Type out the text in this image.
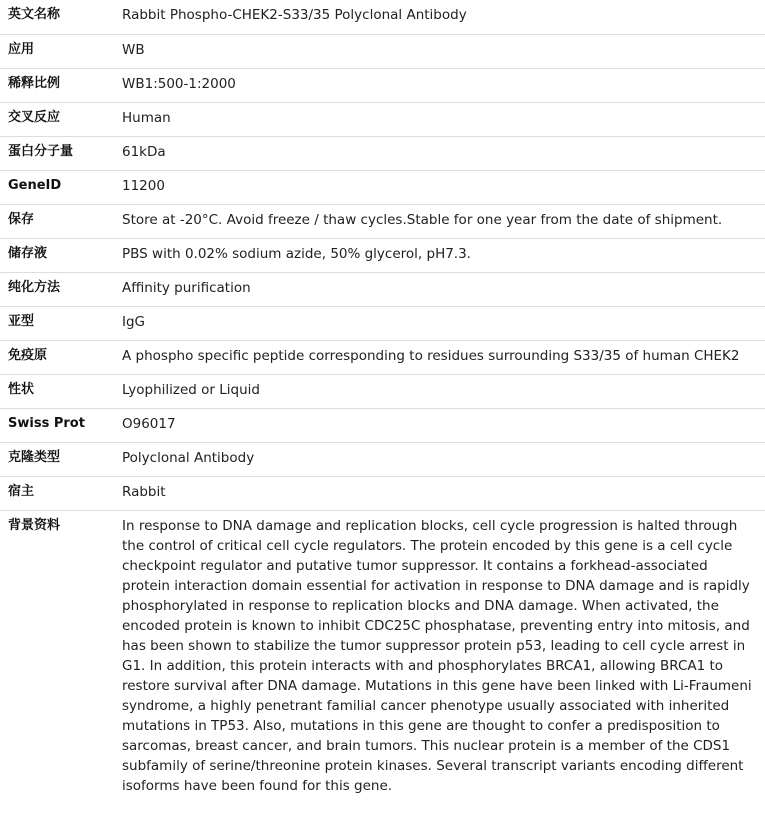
英文名称	Rabbit Phospho-CHEK2-S33/35 Polyclonal Antibody
应用	WB
稀释比例	WB1:500-1:2000
交叉反应	Human
蛋白分子量	61kDa
GeneID	11200
保存	Store at -20°C. Avoid freeze / thaw cycles.Stable for one year from the date of shipment.
储存液	PBS with 0.02% sodium azide, 50% glycerol, pH7.3.
纯化方法	Affinity purification
亚型	IgG
免疫原	A phospho specific peptide corresponding to residues surrounding S33/35 of human CHEK2
性状	Lyophilized or Liquid
Swiss Prot	O96017
克隆类型	Polyclonal Antibody
宿主	Rabbit
背景资料	In response to DNA damage and replication blocks, cell cycle progression is halted through the control of critical cell cycle regulators. The protein encoded by this gene is a cell cycle checkpoint regulator and putative tumor suppressor. It contains a forkhead-associated protein interaction domain essential for activation in response to DNA damage and is rapidly phosphorylated in response to replication blocks and DNA damage. When activated, the encoded protein is known to inhibit CDC25C phosphatase, preventing entry into mitosis, and has been shown to stabilize the tumor suppressor protein p53, leading to cell cycle arrest in G1. In addition, this protein interacts with and phosphorylates BRCA1, allowing BRCA1 to restore survival after DNA damage. Mutations in this gene have been linked with Li-Fraumeni syndrome, a highly penetrant familial cancer phenotype usually associated with inherited mutations in TP53. Also, mutations in this gene are thought to confer a predisposition to sarcomas, breast cancer, and brain tumors. This nuclear protein is a member of the CDS1 subfamily of serine/threonine protein kinases. Several transcript variants encoding different isoforms have been found for this gene.
